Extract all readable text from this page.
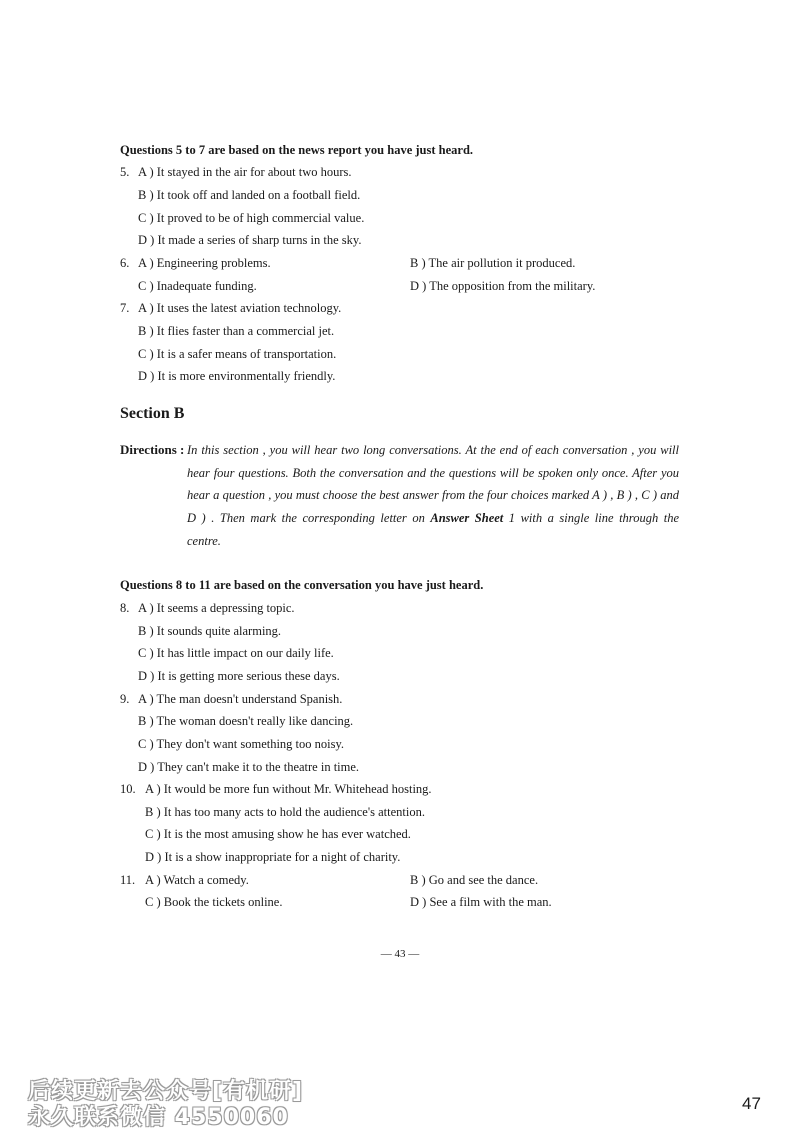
Questions 5 to 7 are based on the news report you have just heard.
5. A ) It stayed in the air for about two hours.
B ) It took off and landed on a football field.
C ) It proved to be of high commercial value.
D ) It made a series of sharp turns in the sky.
6. A ) Engineering problems.	B ) The air pollution it produced.
C ) Inadequate funding.	D ) The opposition from the military.
7. A ) It uses the latest aviation technology.
B ) It flies faster than a commercial jet.
C ) It is a safer means of transportation.
D ) It is more environmentally friendly.
Section B
Directions : In this section , you will hear two long conversations. At the end of each conversation , you will
hear four questions. Both the conversation and the questions will be spoken only once. After you
hear a question , you must choose the best answer from the four choices marked A ) , B ) , C ) and
D ) . Then mark the corresponding letter on Answer Sheet 1 with a single line through the
centre.
Questions 8 to 11 are based on the conversation you have just heard.
8. A ) It seems a depressing topic.
B ) It sounds quite alarming.
C ) It has little impact on our daily life.
D ) It is getting more serious these days.
9. A ) The man doesn't understand Spanish.
B ) The woman doesn't really like dancing.
C ) They don't want something too noisy.
D ) They can't make it to the theatre in time.
10. A ) It would be more fun without Mr. Whitehead hosting.
B ) It has too many acts to hold the audience's attention.
C ) It is the most amusing show he has ever watched.
D ) It is a show inappropriate for a night of charity.
11. A ) Watch a comedy.	B ) Go and see the dance.
C ) Book the tickets online.	D ) See a film with the man.
— 43 —
后续更新去公众号[有机研]
永久联系微信 4550060
47
